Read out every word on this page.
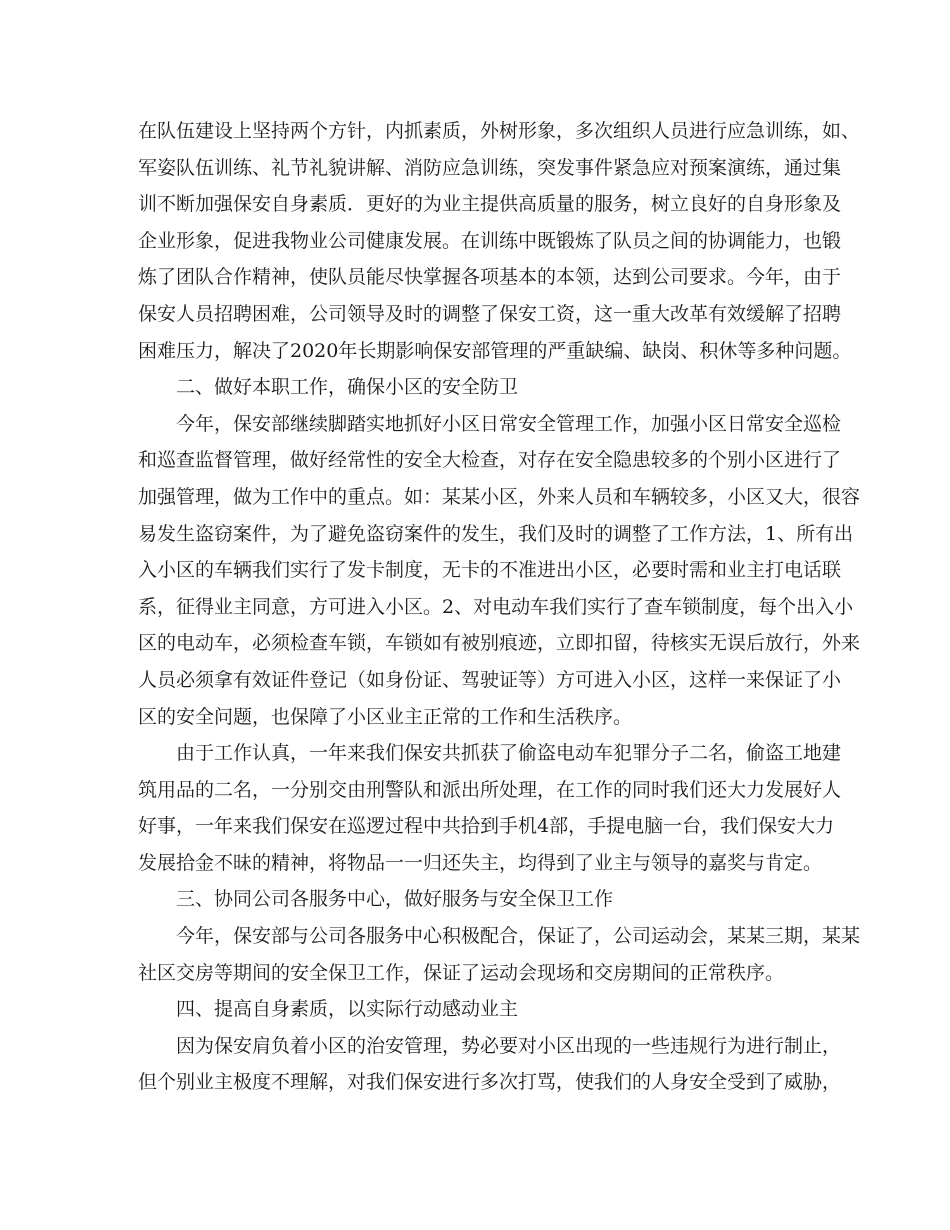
在队伍建设上坚持两个方针，内抓素质，外树形象，多次组织人员进行应急训练，如、
军姿队伍训练、礼节礼貌讲解、消防应急训练，突发事件紧急应对预案演练，通过集
训不断加强保安自身素质．更好的为业主提供高质量的服务，树立良好的自身形象及
企业形象，促进我物业公司健康发展。在训练中既锻炼了队员之间的协调能力，也锻
炼了团队合作精神，使队员能尽快掌握各项基本的本领，达到公司要求。今年，由于
保安人员招聘困难，公司领导及时的调整了保安工资，这一重大改革有效缓解了招聘
困难压力，解决了2020年长期影响保安部管理的严重缺编、缺岗、积休等多种问题。
二、做好本职工作，确保小区的安全防卫
今年，保安部继续脚踏实地抓好小区日常安全管理工作，加强小区日常安全巡检
和巡查监督管理，做好经常性的安全大检查，对存在安全隐患较多的个别小区进行了
加强管理，做为工作中的重点。如：某某小区，外来人员和车辆较多，小区又大，很容
易发生盗窃案件，为了避免盗窃案件的发生，我们及时的调整了工作方法，1、所有出
入小区的车辆我们实行了发卡制度，无卡的不准进出小区，必要时需和业主打电话联
系，征得业主同意，方可进入小区。2、对电动车我们实行了查车锁制度，每个出入小
区的电动车，必须检查车锁，车锁如有被别痕迹，立即扣留，待核实无误后放行，外来
人员必须拿有效证件登记（如身份证、驾驶证等）方可进入小区，这样一来保证了小
区的安全问题，也保障了小区业主正常的工作和生活秩序。
由于工作认真，一年来我们保安共抓获了偷盗电动车犯罪分子二名，偷盗工地建
筑用品的二名，一分别交由刑警队和派出所处理，在工作的同时我们还大力发展好人
好事，一年来我们保安在巡逻过程中共拾到手机4部，手提电脑一台，我们保安大力
发展拾金不昧的精神，将物品一一归还失主，均得到了业主与领导的嘉奖与肯定。
三、协同公司各服务中心，做好服务与安全保卫工作
今年，保安部与公司各服务中心积极配合，保证了，公司运动会，某某三期，某某
社区交房等期间的安全保卫工作，保证了运动会现场和交房期间的正常秩序。
四、提高自身素质，以实际行动感动业主
因为保安肩负着小区的治安管理，势必要对小区出现的一些违规行为进行制止，
但个别业主极度不理解，对我们保安进行多次打骂，使我们的人身安全受到了威胁，
